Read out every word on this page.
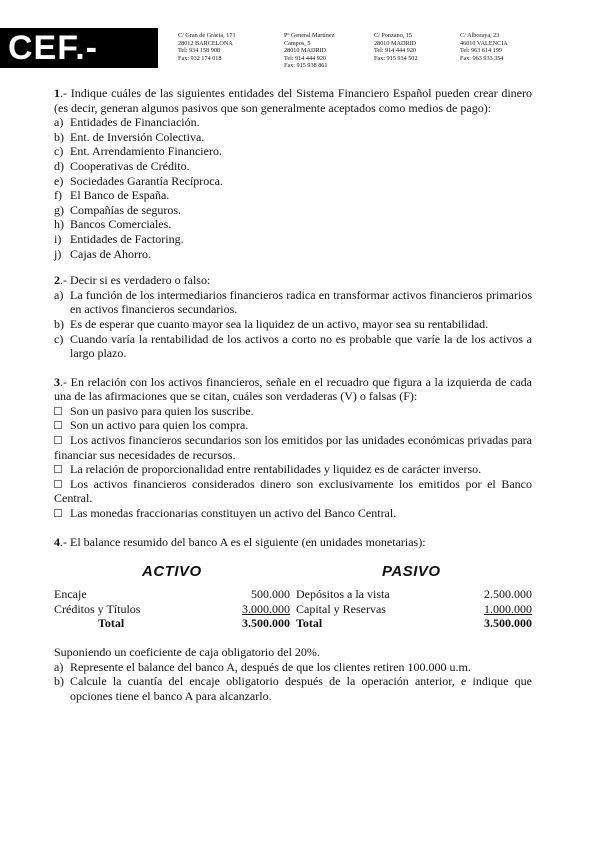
CEF.-	C/ Gran de Gràcia, 171
28012 BARCELONA
Tel: 934 158 908
Fax: 932 174 018
Pº General Martínez
Campos, 5
28010 MADRID
Tel: 914 444 920
Fax: 915 938 861
C/ Ponzano, 15
28010 MADRID
Tel: 914 444 920
Fax: 915 934 502
C/ Alboraya, 23
46010 VALENCIA
Tel: 963 614 199
Fax: 963 933 354

1.- Indique cuáles de las siguientes entidades del Sistema Financiero Español pueden crear dinero (es decir, generan algunos pasivos que son generalmente aceptados como medios de pago):

a) Entidades de Financiación.
b) Ent. de Inversión Colectiva.
c) Ent. Arrendamiento Financiero.
d) Cooperativas de Crédito.
e) Sociedades Garantía Recíproca.
f) El Banco de España.
g) Compañías de seguros.
h) Bancos Comerciales.
i) Entidades de Factoring.
j) Cajas de Ahorro.

2.- Decir si es verdadero o falso:

a) La función de los intermediarios financieros radica en transformar activos financieros primarios en activos financieros secundarios.
b) Es de esperar que cuanto mayor sea la liquidez de un activo, mayor sea su rentabilidad.
c) Cuando varía la rentabilidad de los activos a corto no es probable que varíe la de los activos a largo plazo.

3.- En relación con los activos financieros, señale en el recuadro que figura a la izquierda de cada una de las afirmaciones que se citan, cuáles son verdaderas (V) o falsas (F):

Son un pasivo para quien los suscribe.

Son un activo para quien los compra.

Los activos financieros secundarios son los emitidos por las unidades económicas privadas para financiar sus necesidades de recursos.

La relación de proporcionalidad entre rentabilidades y liquidez es de carácter inverso.

Los activos financieros considerados dinero son exclusivamente los emitidos por el Banco Central.

Las monedas fraccionarias constituyen un activo del Banco Central.

4.- El balance resumido del banco A es el siguiente (en unidades monetarias):

ACTIVO	PASIVO
Encaje	500.000	Depósitos a la vista	2.500.000
Créditos y Títulos	3.000.000	Capital y Reservas	1.000.000
Total	3.500.000	Total	3.500.000

Suponiendo un coeficiente de caja obligatorio del 20%.

a) Represente el balance del banco A, después de que los clientes retiren 100.000 u.m.
b) Calcule la cuantía del encaje obligatorio después de la operación anterior, e indique que opciones tiene el banco A para alcanzarlo.
